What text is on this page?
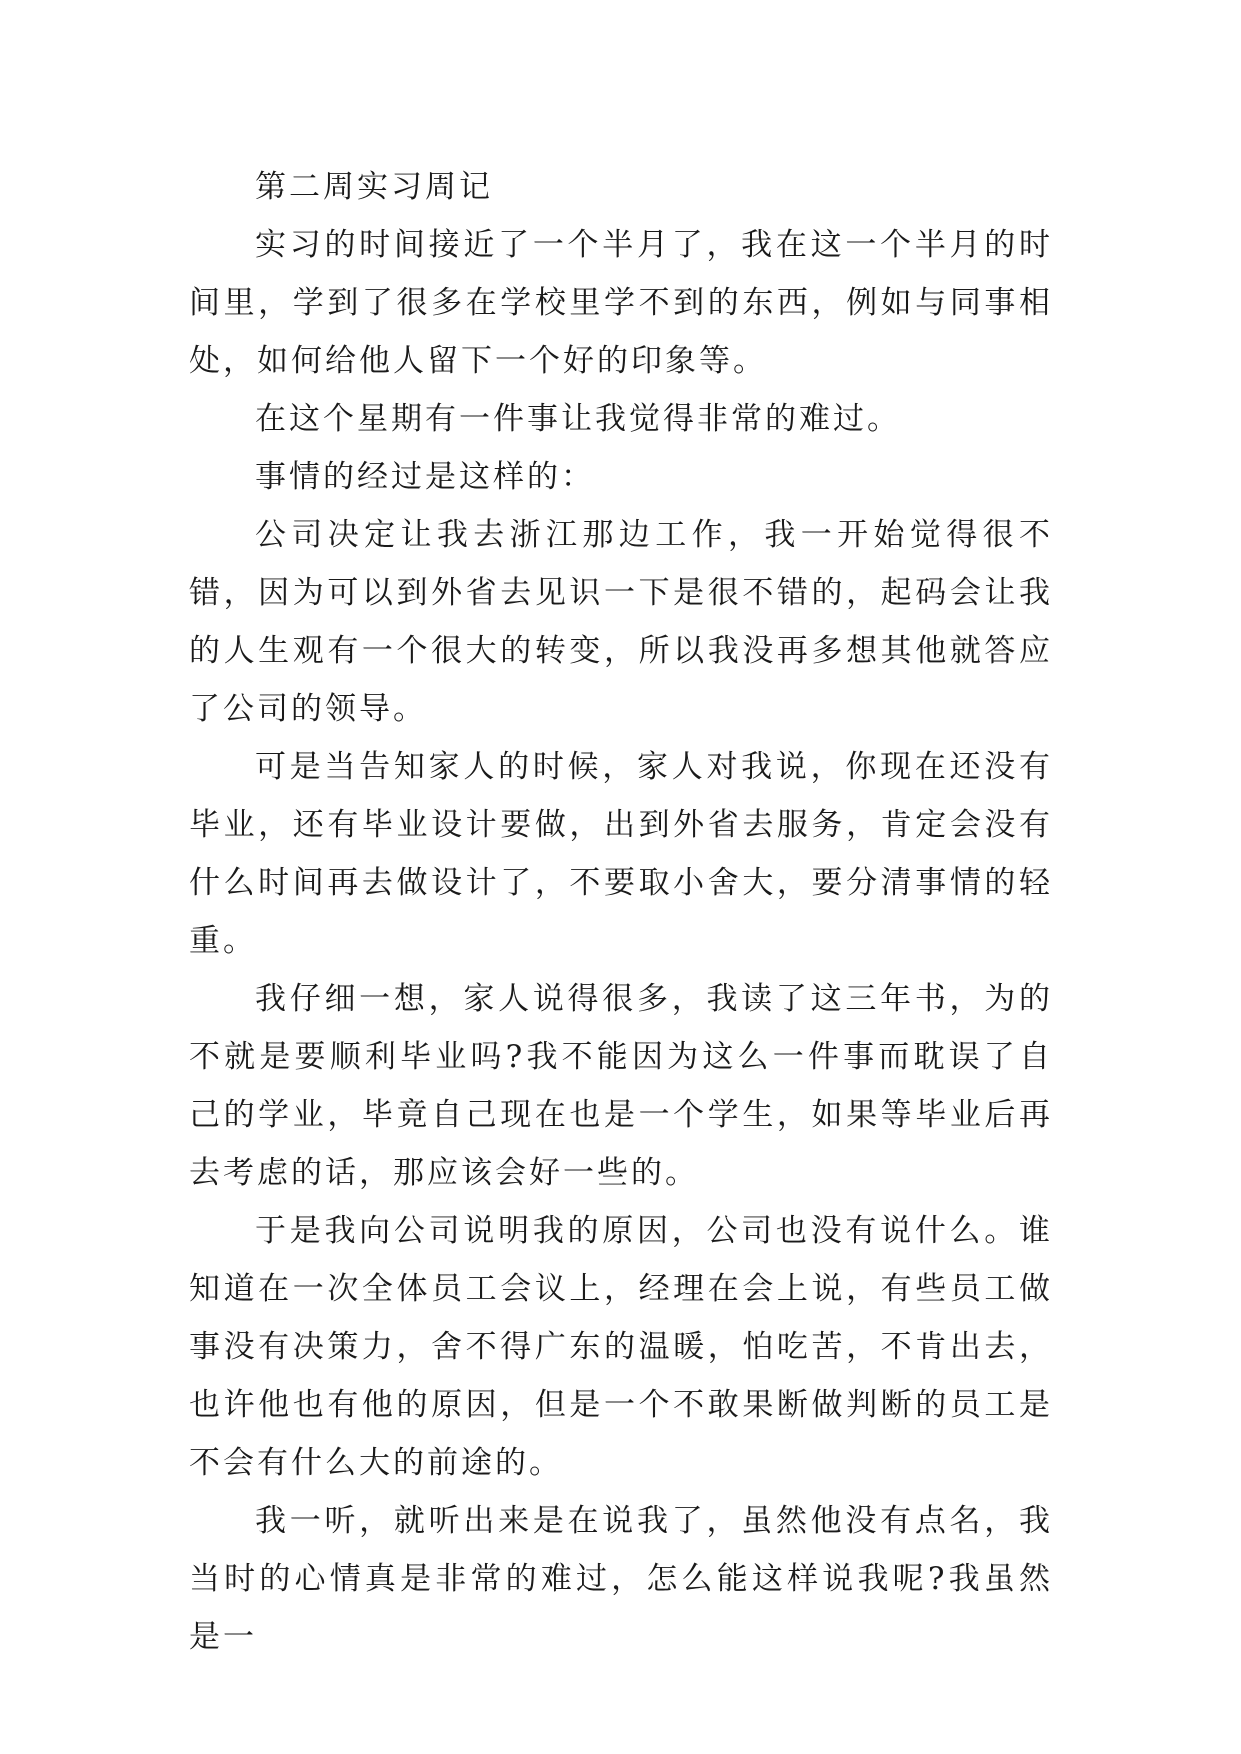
第二周实习周记

实习的时间接近了一个半月了，我在这一个半月的时间里，学到了很多在学校里学不到的东西，例如与同事相处，如何给他人留下一个好的印象等。

在这个星期有一件事让我觉得非常的难过。

事情的经过是这样的：

公司决定让我去浙江那边工作，我一开始觉得很不错，因为可以到外省去见识一下是很不错的，起码会让我的人生观有一个很大的转变，所以我没再多想其他就答应了公司的领导。

可是当告知家人的时候，家人对我说，你现在还没有毕业，还有毕业设计要做，出到外省去服务，肯定会没有什么时间再去做设计了，不要取小舍大，要分清事情的轻重。

我仔细一想，家人说得很多，我读了这三年书，为的不就是要顺利毕业吗?我不能因为这么一件事而耽误了自己的学业，毕竟自己现在也是一个学生，如果等毕业后再去考虑的话，那应该会好一些的。

于是我向公司说明我的原因，公司也没有说什么。谁知道在一次全体员工会议上，经理在会上说，有些员工做事没有决策力，舍不得广东的温暖，怕吃苦，不肯出去，也许他也有他的原因，但是一个不敢果断做判断的员工是不会有什么大的前途的。

我一听，就听出来是在说我了，虽然他没有点名，我当时的心情真是非常的难过，怎么能这样说我呢?我虽然是一
